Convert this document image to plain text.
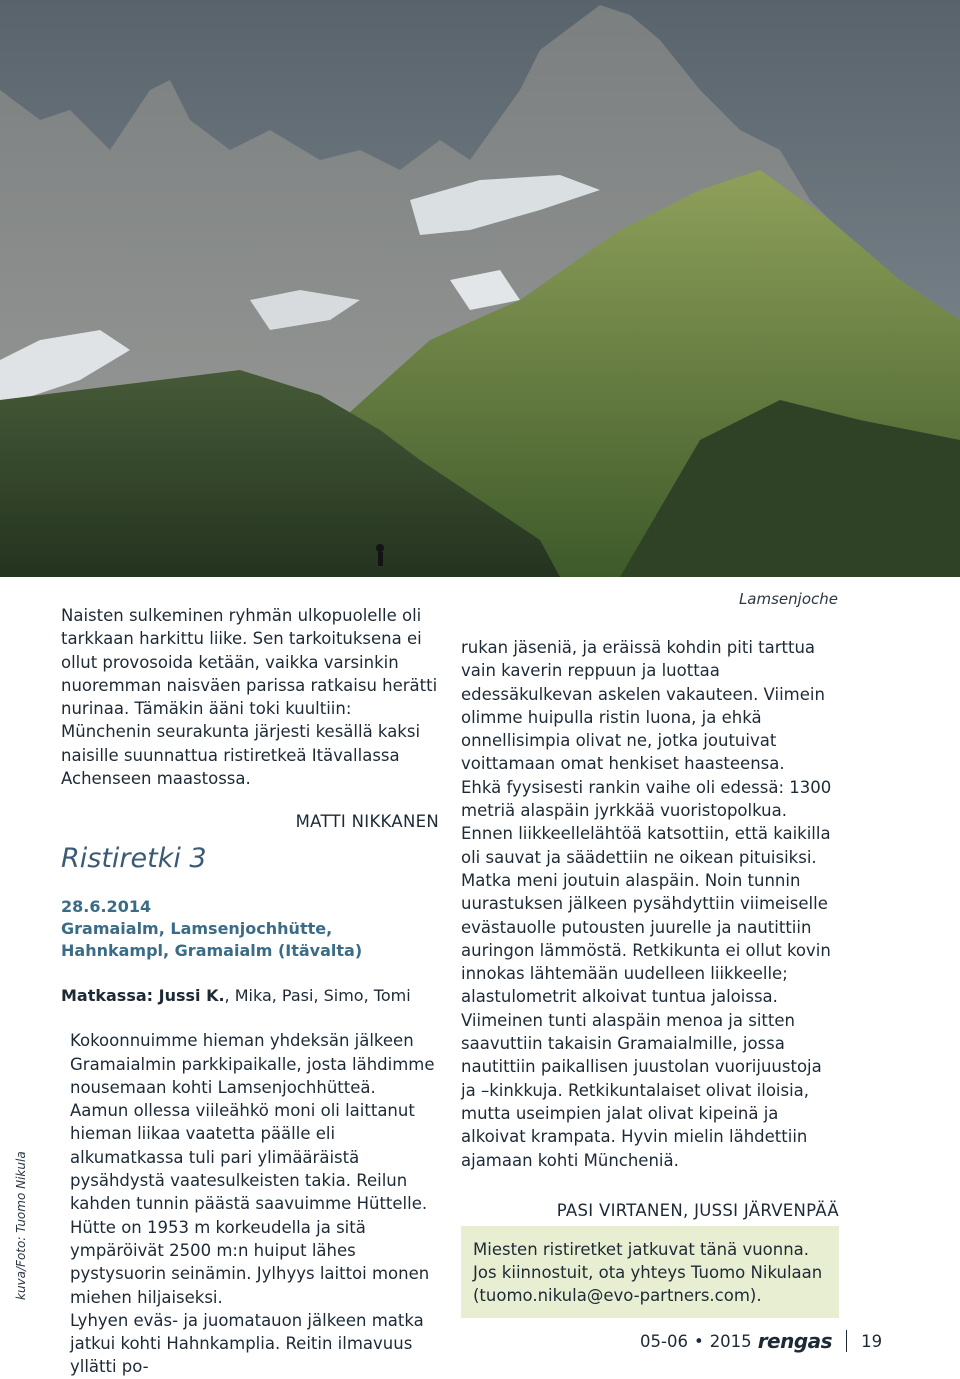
Lamsenjoche
kuva/Foto: Tuomo Nikula

Naisten sulkeminen ryhmän ulkopuolelle oli tarkkaan harkittu liike. Sen tarkoituksena ei ollut provosoida ketään, vaikka varsinkin nuoremman naisväen parissa ratkaisu herätti nurinaa. Tämäkin ääni toki kuultiin: Münchenin seurakunta järjesti kesällä kaksi naisille suunnattua ristiretkeä Itävallassa Achenseen maastossa.

MATTI NIKKANEN
Ristiretki 3
28.6.2014
Gramaialm, Lamsenjochhütte, Hahnkampl, Gramaialm (Itävalta)
Matkassa: Jussi K., Mika, Pasi, Simo, Tomi

Kokoonnuimme hieman yhdeksän jälkeen Gramaialmin parkkipaikalle, josta lähdimme nousemaan kohti Lamsenjochhütteä. Aamun ollessa viileähkö moni oli laittanut hieman liikaa vaatetta päälle eli alkumatkassa tuli pari ylimääräistä pysähdystä vaatesulkeisten takia. Reilun kahden tunnin päästä saavuimme Hüttelle. Hütte on 1953 m korkeudella ja sitä ympäröivät 2500 m:n huiput lähes pystysuorin seinämin. Jylhyys laittoi monen miehen hiljaiseksi.

Lyhyen eväs- ja juomatauon jälkeen matka jatkui kohti Hahnkamplia. Reitin ilmavuus yllätti po-

rukan jäseniä, ja eräissä kohdin piti tarttua vain kaverin reppuun ja luottaa edessäkulkevan askelen vakauteen. Viimein olimme huipulla ristin luona, ja ehkä onnellisimpia olivat ne, jotka joutuivat voittamaan omat henkiset haasteensa.

Ehkä fyysisesti rankin vaihe oli edessä: 1300 metriä alaspäin jyrkkää vuoristopolkua. Ennen liikkeellelähtöä katsottiin, että kaikilla oli sauvat ja säädettiin ne oikean pituisiksi. Matka meni joutuin alaspäin. Noin tunnin uurastuksen jälkeen pysähdyttiin viimeiselle evästauolle putousten juurelle ja nautittiin auringon lämmöstä. Retkikunta ei ollut kovin innokas lähtemään uudelleen liikkeelle; alastulometrit alkoivat tuntua jaloissa. Viimeinen tunti alaspäin menoa ja sitten saavuttiin takaisin Gramaialmille, jossa nautittiin paikallisen juustolan vuorijuustoja ja –kinkkuja. Retkikuntalaiset olivat iloisia, mutta useimpien jalat olivat kipeinä ja alkoivat krampata. Hyvin mielin lähdettiin ajamaan kohti Müncheniä.

PASI VIRTANEN, JUSSI JÄRVENPÄÄ
Miesten ristiretket jatkuvat tänä vuonna. Jos kiinnostuit, ota yhteys Tuomo Nikulaan (tuomo.nikula@evo-partners.com).
05-06 • 2015 rengas 19
